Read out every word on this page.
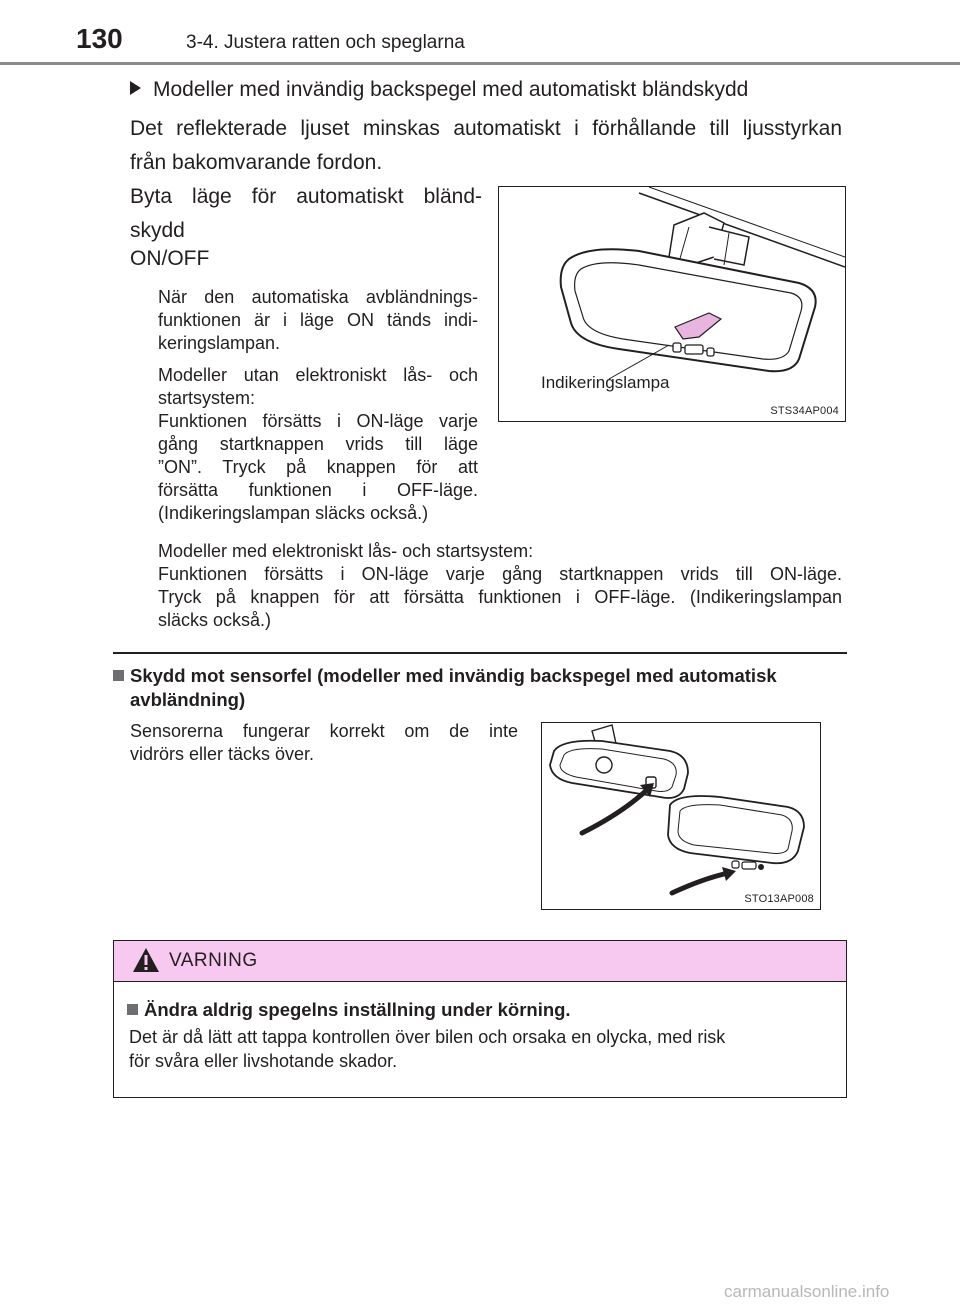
130	3-4. Justera ratten och speglarna
Modeller med invändig backspegel med automatiskt bländskydd
Det reflekterade ljuset minskas automatiskt i förhållande till ljusstyrkan
från bakomvarande fordon.
Byta läge för automatiskt bländ-
skydd
ON/OFF
När den automatiska avbländnings-
funktionen är i läge ON tänds indi-
keringslampan.
Modeller utan elektroniskt lås- och
startsystem:
Funktionen försätts i ON-läge varje
gång startknappen vrids till läge
”ON”. Tryck på knappen för att
försätta funktionen i OFF-läge.
(Indikeringslampan släcks också.)
Modeller med elektroniskt lås- och startsystem:
Funktionen försätts i ON-läge varje gång startknappen vrids till ON-läge.
Tryck på knappen för att försätta funktionen i OFF-läge. (Indikeringslampan
släcks också.)
Indikeringslampa
STS34AP004
Skydd mot sensorfel (modeller med invändig backspegel med automatisk
avbländning)
Sensorerna fungerar korrekt om de inte
vidrörs eller täcks över.
STO13AP008
VARNING
Ändra aldrig spegelns inställning under körning.
Det är då lätt att tappa kontrollen över bilen och orsaka en olycka, med risk
för svåra eller livshotande skador.
carmanualsonline.info
